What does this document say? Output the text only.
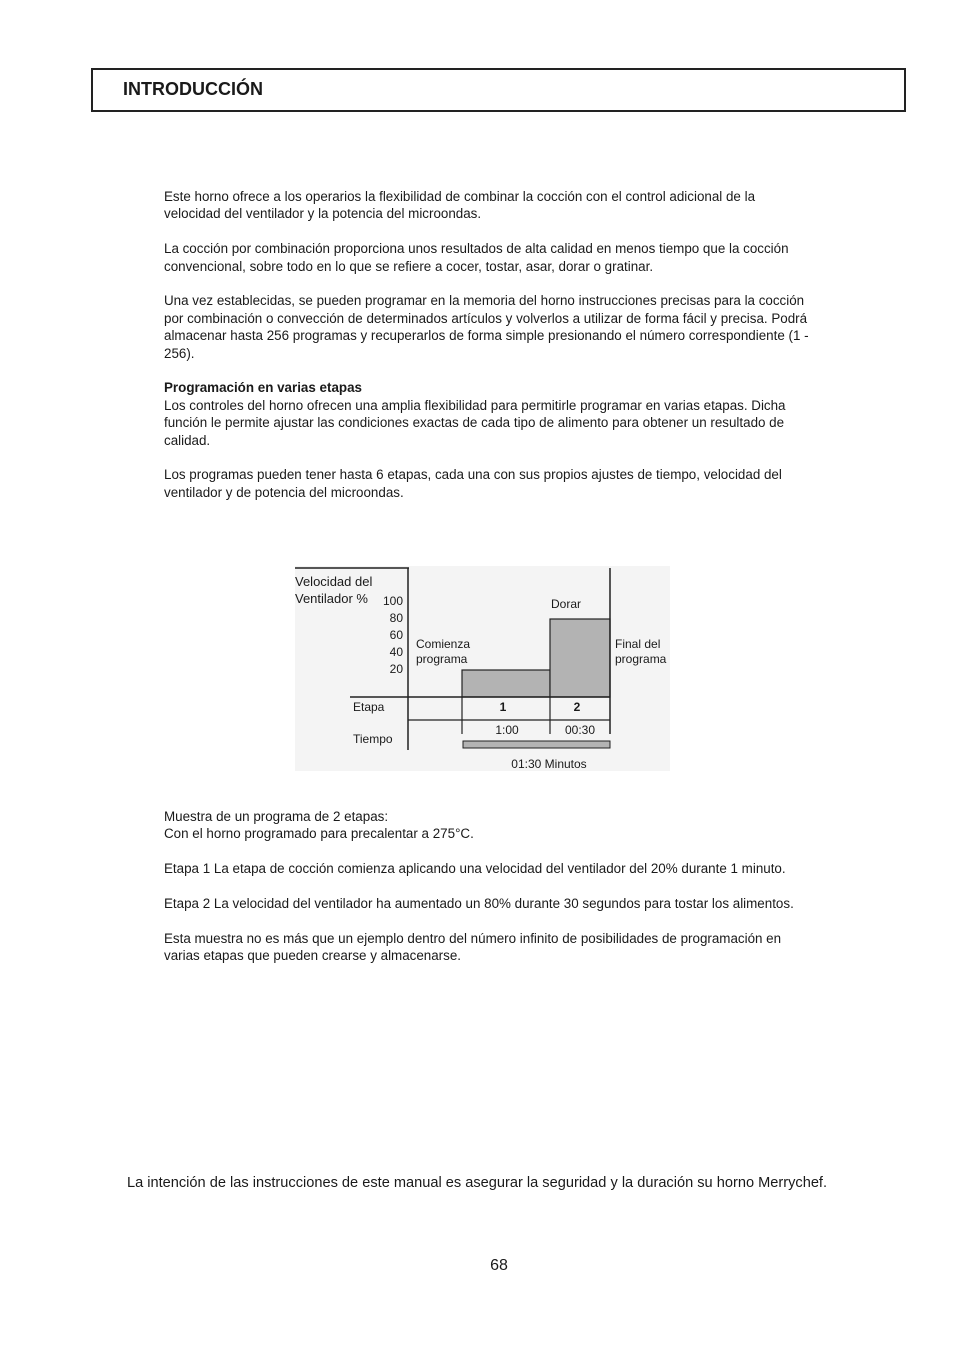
INTRODUCCIÓN

Este horno ofrece a los operarios la flexibilidad de combinar la cocción con el control adicional de la velocidad del ventilador y la potencia del microondas.

La cocción por combinación proporciona unos resultados de alta calidad en menos tiempo que la cocción convencional, sobre todo en lo que se refiere a cocer, tostar, asar, dorar o gratinar.

Una vez establecidas, se pueden programar en la memoria del horno instrucciones precisas para la cocción por combinación o convección de determinados artículos y volverlos a utilizar de forma fácil y precisa. Podrá almacenar hasta 256 programas y recuperarlos de forma simple presionando el número correspondiente (1 - 256).

Programación en varias etapas

Los controles del horno ofrecen una amplia flexibilidad para permitirle programar en varias etapas. Dicha función le permite ajustar las condiciones exactas de cada tipo de alimento para obtener un resultado de calidad.

Los programas pueden tener hasta 6 etapas, cada una con sus propios ajustes de tiempo, velocidad del ventilador y de potencia del microondas.

Velocidad del
Ventilador % 100
80
60
40
20
Comienza
programa
Dorar
Final del
programa
Etapa
Tiempo
1	2
1:00	00:30
01:30 Minutos

Muestra de un programa de 2 etapas:

Con el horno programado para precalentar a 275°C.

Etapa 1 La etapa de cocción comienza aplicando una velocidad del ventilador del 20% durante 1 minuto.

Etapa 2 La velocidad del ventilador ha aumentado un 80% durante 30 segundos para tostar los alimentos.

Esta muestra no es más que un ejemplo dentro del número infinito de posibilidades de programación en varias etapas que pueden crearse y almacenarse.

La intención de las instrucciones de este manual es asegurar la seguridad y la duración su horno Merrychef.
68
